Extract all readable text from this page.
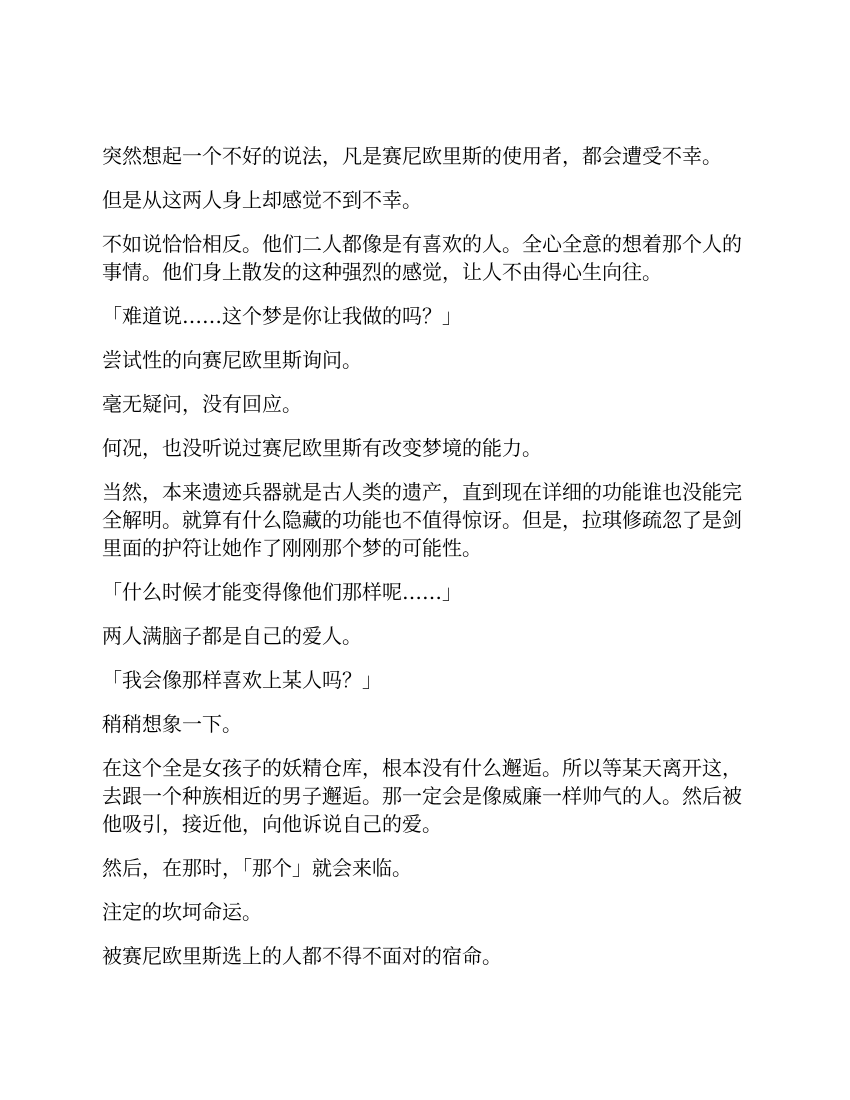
突然想起一个不好的说法，凡是赛尼欧里斯的使用者，都会遭受不幸。

但是从这两人身上却感觉不到不幸。

不如说恰恰相反。他们二人都像是有喜欢的人。全心全意的想着那个人的事情。他们身上散发的这种强烈的感觉，让人不由得心生向往。

「难道说……这个梦是你让我做的吗？」

尝试性的向赛尼欧里斯询问。

毫无疑问，没有回应。

何况，也没听说过赛尼欧里斯有改变梦境的能力。

当然，本来遗迹兵器就是古人类的遗产，直到现在详细的功能谁也没能完全解明。就算有什么隐藏的功能也不值得惊讶。但是，拉琪修疏忽了是剑里面的护符让她作了刚刚那个梦的可能性。

「什么时候才能变得像他们那样呢……」

两人满脑子都是自己的爱人。

「我会像那样喜欢上某人吗？」

稍稍想象一下。

在这个全是女孩子的妖精仓库，根本没有什么邂逅。所以等某天离开这，去跟一个种族相近的男子邂逅。那一定会是像威廉一样帅气的人。然后被他吸引，接近他，向他诉说自己的爱。

然后，在那时，「那个」就会来临。

注定的坎坷命运。

被赛尼欧里斯选上的人都不得不面对的宿命。
